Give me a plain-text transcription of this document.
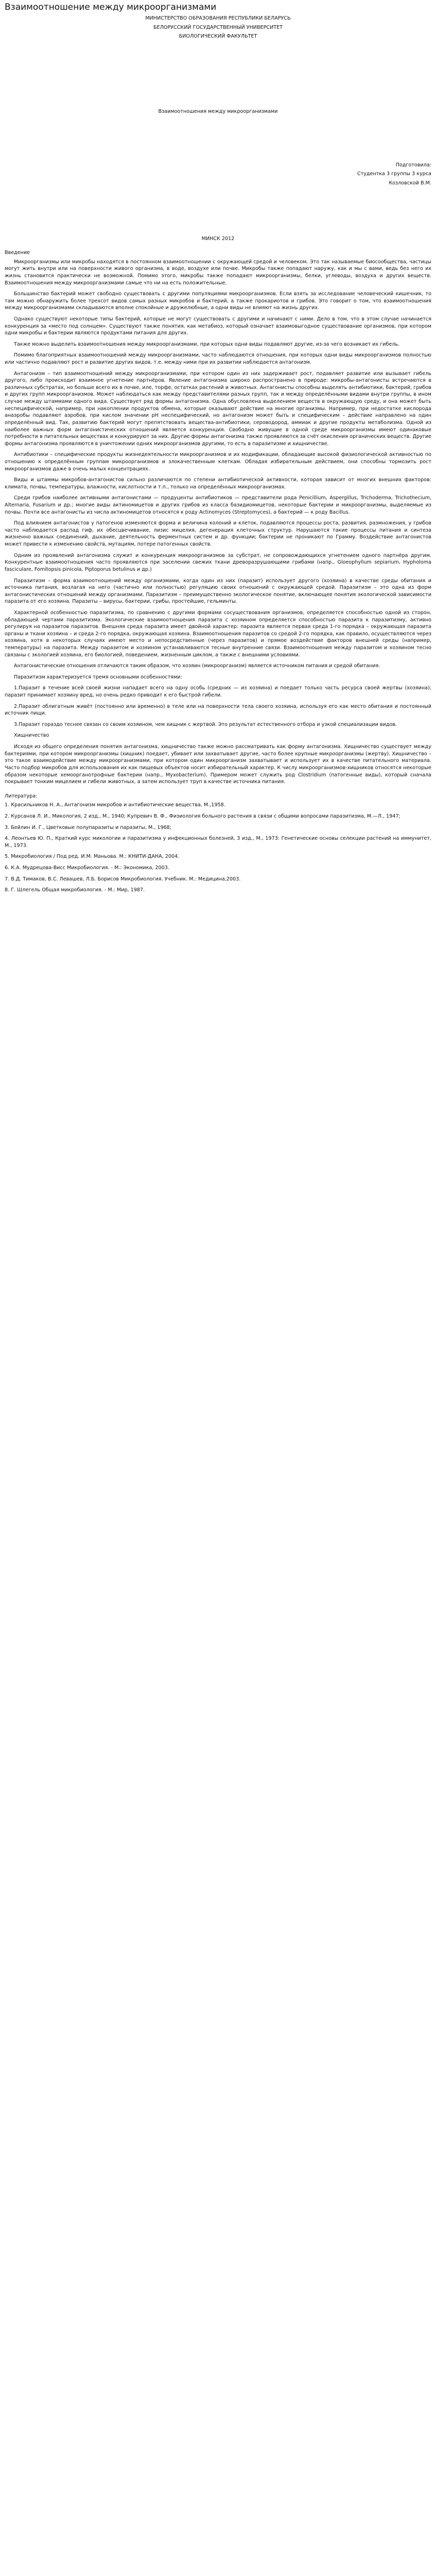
Взаимоотношение между микроорганизмами
МИНИСТЕРСТВО ОБРАЗОВАНИЯ РЕСПУБЛИКИ БЕЛАРУСЬ
БЕЛОРУССКИЙ ГОСУДАРСТВЕННЫЙ УНИВЕРСИТЕТ
БИОЛОГИЧЕСКИЙ ФАКУЛЬТЕТ
Взаимоотношения между микроорганизмами
Подготовила:
Студентка 3 группы 3 курса
Козловской В.М.
МИНСК 2012
Введение

Микроорганизмы или микробы находятся в постоянном взаимоотношении с окружающей средой и человеком. Это так называемые биосообщества, частицы могут жить внутри или на поверхности живого организма, в воде, воздухе или почве. Микробы также попадают наружу, как и мы с вами, ведь без него их жизнь становится практически не возможной. Помимо этого, микробы также попадают микроорганизмы, белки, углеводы, воздуха и других веществ. Взаимоотношения между микроорганизмами самые что ни на есть положительные.

Большинство бактерий может свободно существовать с другими популяциями микроорганизмов. Если взять за исследование человеческий кишечник, то там можно обнаружить более трехсот видов самых разных микробов и бактерий, а также прокариотов и грибов. Это говорит о том, что взаимоотношения между микроорганизмами складываются вполне спокойные и дружелюбные, а одни виды не влияют на жизнь других.

Однако существуют некоторые типы бактерий, которые не могут существовать с другими и начинают с ними. Дело в том, что в этом случае начинается конкуренция за «место под солнцем». Существуют также понятия, как метабиоз, который означает взаимовыгодное существование организмов, при котором одни микробы и бактерии являются продуктами питания для других.

Также можно выделить взаимоотношения между микроорганизмами, при которых одни виды подавляют другие, из-за чего возникает их гибель.

Помимо благоприятных взаимоотношений между микроорганизмами, часто наблюдаются отношения, при которых одни виды микроорганизмов полностью или частично подавляют рост и развитие других видов, т.е. между ними при их развитии наблюдается антагонизм.

Антагонизм – тип взаимоотношений между микроорганизмами, при котором один из них задерживает рост, подавляет развитие или вызывает гибель другого, либо происходит взаимное угнетение партнёров. Явление антагонизма широко распространено в природе: микробы-антагонисты встречаются в различных субстратах, но больше всего их в почве, иле, торфе, остатках растений и животных. Антагонисты способны выделять антибиотики, бактерий, грибов и других групп микроорганизмов. Может наблюдаться как между представителями разных групп, так и между определёнными видами внутри группы, в ином случае между штаммами одного вида. Существует ряд формы антагонизма. Одна обусловлена выделением веществ в окружающую среду, и она может быть неспецифической, например, при накоплении продуктов обмена, которые оказывают действие на многие организмы. Например, при недостатке кислорода анаэробы подавляют аэробов, при кислом значении pH неспецифический, но антагонизм может быть и специфическим – действие направлено на один определённый вид. Так, развитию бактерий могут препятствовать вещества-антибиотики, сероводород, аммиак и другие продукты метаболизма. Одной из наиболее важных форм антагонистических отношений является конкуренция. Свободно живущие в одной среде микроорганизмы имеют одинаковые потребности в питательных веществах и конкурируют за них. Другие формы антагонизма также проявляются за счёт окисления органических веществ. Другие формы антагонизма проявляются в уничтожении одних микроорганизмов другими, то есть в паразитизме и хищничестве.

Антибиотики – специфические продукты жизнедеятельности микроорганизмов и их модификации, обладающие высокой физиологической активностью по отношению к определённым группам микроорганизмов и злокачественным клеткам. Обладая избирательным действием, они способны тормозить рост микроорганизмов даже в очень малых концентрациях.

Виды и штаммы микробов-антагонистов сильно различаются по степени антибиотической активности, которая зависит от многих внешних факторов: климата, почвы, температуры, влажности, кислотности и т.п., только на определённых микроорганизмах.

Среди грибов наиболее активными антагонистами — продуценты антибиотиков — представители рода Penicillium, Aspergillus, Trichoderma, Trichothecium, Alternaria, Fusarium и др.; многие виды актиномицетов и других грибов из класса базидиомицетов, некоторые бактерии и микроорганизмы, выделяемые из почвы. Почти все антагонисты из числа актиномицетов относятся к роду Actinomyces (Streptomyces), а бактерий — к роду Bacillus.

Под влиянием антагонистов у патогенов изменяются форма и величина колоний и клеток, подавляются процессы роста, развития, размножения, у грибов часто наблюдается распад гиф, их обесцвечивание, лизис мицелия, дегенерация клеточных структур. Нарушаются такие процессы питания и синтеза жизненно важных соединений, дыхание, деятельность ферментных систем и др. функции; бактерии не проникают по Грамму. Воздействие антагонистов может привести к изменению свойств, мутациям, потере патогенных свойств.

Одним из проявлений антагонизма служит и конкуренция микроорганизмов за субстрат, не сопровождающихся угнетением одного партнёра другим. Конкурентные взаимоотношения часто проявляются при заселении свежих ткани древоразрушающими грибами (напр., Gloeophyllum sepiarium, Hypholoma fasciculare, Fomitopsis pinicola, Piptoporus betulinus и др.)

Паразитизм – форма взаимоотношений между организмами, когда один из них (паразит) использует другого (хозяина) в качестве среды обитания и источника питания, возлагая на него (частично или полностью) регуляцию своих отношений с окружающей средой. Паразитизм – это одна из форм антагонистических отношений между организмами. Паразитизм – преимущественно экологическое понятие, включающее понятия экологической зависимости паразита от его хозяина. Паразиты – вирусы, бактерии, грибы, простейшие, гельминты.

Характерной особенностью паразитизма, по сравнению с другими формами сосуществования организмов, определяется способностью одной из сторон, обладающей чертами паразитизма. Экологические взаимоотношения паразита с хозяином определяется способностью паразита к паразитизму, активно регулируя на паразитов паразитов. Внешняя среда паразита имеет двойной характер: паразита является первая среда 1-го порядка – окружающая паразита органы и ткани хозяина – и среда 2-го порядка, окружающая хозяина. Взаимоотношения паразитов со средой 2-го порядка, как правило, осуществляются через хозяина, хотя в некоторых случаях имеют место и непосредственные (через паразитов) и прямое воздействие факторов внешней среды (например, температуры) на паразита. Между паразитом и хозяином устанавливаются тесные внутренние связи. Взаимоотношения между паразитом и хозяином тесно связаны с экологией хозяина, его биологией, поведением, жизненным циклом, а также с внешними условиями.

Антагонистические отношения отличаются таким образом, что хозяин (микроорганизм) является источником питания и средой обитания.

Паразитизм характеризуется тремя основными особенностями:

1.Паразит в течение всей своей жизни нападает всего на одну особь (средних — из хозяина) и поедает только часть ресурса своей жертвы (хозяина); паразит принимает хозяину вред, но очень редко приводит к его быстрой гибели.

2.Паразит облигатным живёт (постоянно или временно) в теле или на поверхности тела своего хозяина, используя его как место обитания и постоянный источник пищи.

3.Паразит гораздо теснее связан со своим хозяином, чем хищник с жертвой. Это результат естественного отбора и узкой специализации видов.

Хищничество

Исходя из общего определения понятия антагонизма, хищничество также можно рассматривать как форму антагонизма. Хищничество существует между бактериями, при котором микроорганизмы (хищник) поедает, убивает или захватывает другие, часто более крупные микроорганизмы (жертву). Хищничество – это такое взаимодействие между микроорганизмами, при котором один микроорганизм захватывает и использует их в качестве питательного материала. Часто подбор микробов для использования их как пищевых объектов носит избирательный характер. К числу микроорганизмов-хищников относятся некоторые образом некоторые хемоорганотрофные бактерии (напр., Myxobacterium). Примером может служить род Clostridium (патогенные виды), который сначала покрывает тонким мицелием и гибели животных, а затем использует труп в качестве источника питания.

Литература:
1. Красильников Н. А., Антагонизм микробов и антибиотические вещества, М.,1958.
2. Курсанов Л. И., Микология, 2 изд., М., 1940; Купревич В. Ф., Физиология больного растения в связи с общими вопросами паразитизма, М.—Л., 1947;
3. Бейлин И. Г., Цветковые полупаразиты и паразиты, М., 1968;
4. Леонтьев Ю. П., Краткий курс микологии и паразитизма у инфекционных болезней, 3 изд., М., 1973: Генетические основы селекции растений на иммунитет, М., 1973.
5. Микробиология / Под ред. И.М. Маньова. М.: КНИТИ-ДАНА, 2004.
6. К.А. Мудрецова-Висс Микробиология. - М.: Экономика, 2003.
7. В.Д. Тимаков, В.С. Левашев, Л.Б. Борисов Микробиология. Учебник. М.: Медицина,2003.
8. Г. Шлегель Общая микробиология. - М.: Мир, 1987.
